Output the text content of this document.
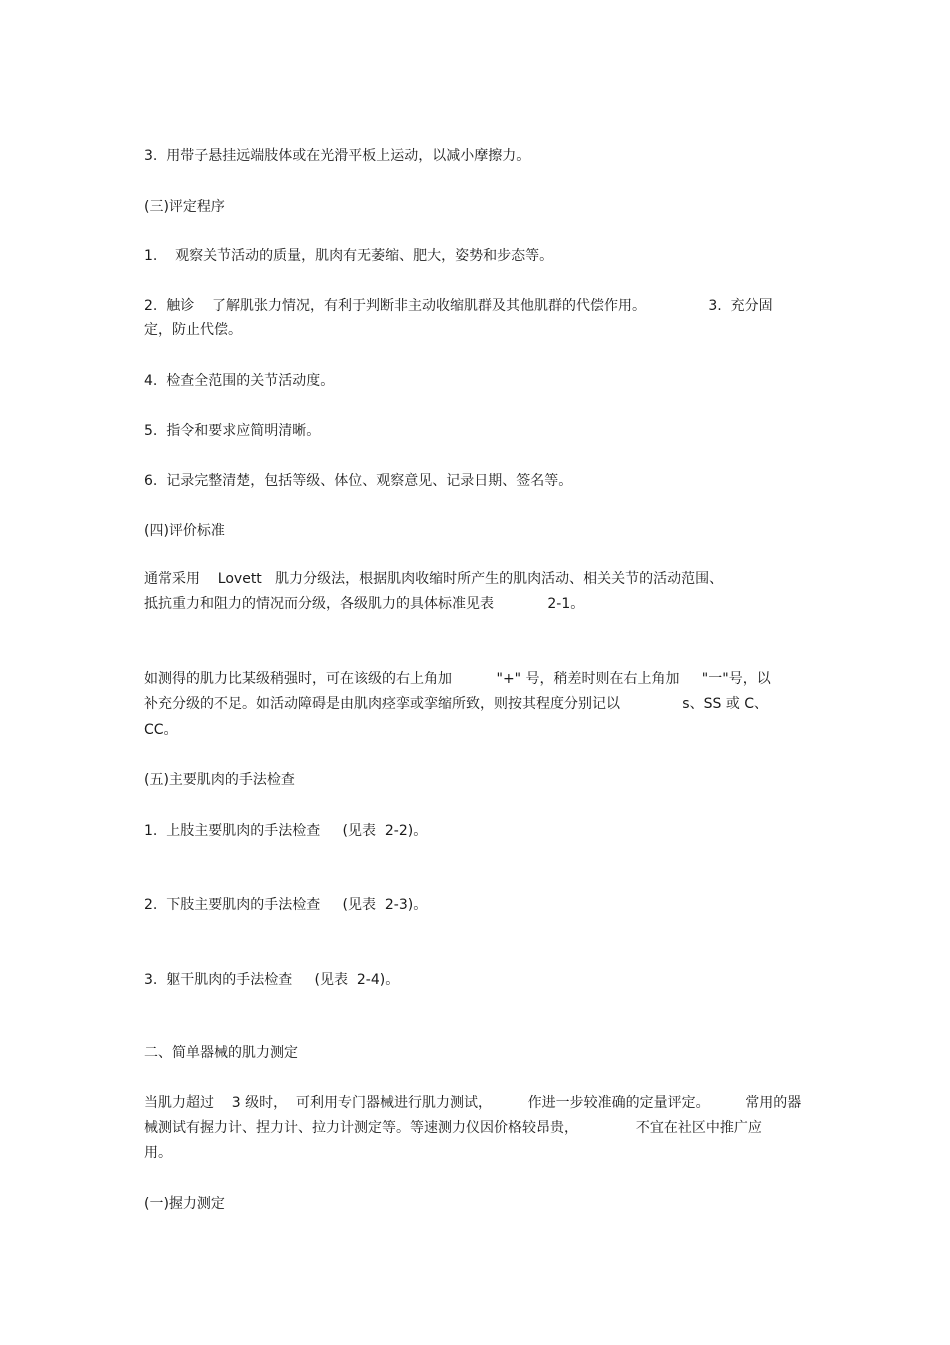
3.  用带子悬挂远端肢体或在光滑平板上运动，以减小摩擦力。
(三)评定程序
1.    观察关节活动的质量，肌肉有无萎缩、肥大，姿势和步态等。
2.  触诊    了解肌张力情况，有利于判断非主动收缩肌群及其他肌群的代偿作用。              3.  充分固
定，防止代偿。
4.  检查全范围的关节活动度。
5.  指令和要求应简明清晰。
6.  记录完整清楚，包括等级、体位、观察意见、记录日期、签名等。
(四)评价标准
通常采用    Lovett   肌力分级法，根据肌肉收缩时所产生的肌肉活动、相关关节的活动范围、
抵抗重力和阻力的情况而分级，各级肌力的具体标准见表            2-1。
如测得的肌力比某级稍强时，可在该级的右上角加          "+" 号，稍差时则在右上角加     "一"号，以
补充分级的不足。如活动障碍是由肌肉痉挛或挛缩所致，则按其程度分别记以              s、SS 或 C、
CC。
(五)主要肌肉的手法检查
1.  上肢主要肌肉的手法检查     (见表  2-2)。
2.  下肢主要肌肉的手法检查     (见表  2-3)。
3.  躯干肌肉的手法检查     (见表  2-4)。
二、简单器械的肌力测定
当肌力超过    3 级时，  可利用专门器械进行肌力测试，        作进一步较准确的定量评定。        常用的器
械测试有握力计、捏力计、拉力计测定等。等速测力仪因价格较昂贵，             不宜在社区中推广应
用。
(一)握力测定
